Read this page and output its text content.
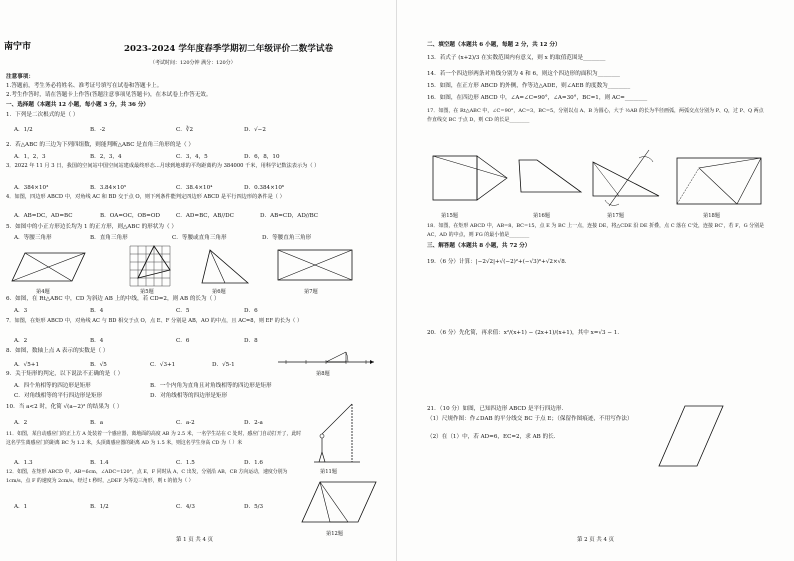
南宁市	2023-2024 学年度春季学期初二年级评价二数学试卷
（考试时间：120分钟 满分：120分）
注意事项：
1.答题前，考生务必将姓名、准考证号填写在试卷和答题卡上。
2.考生作答时，请在答题卡上作答(答题注意事项见答题卡)，在本试卷上作答无效。
一、选择题（本题共 12 小题，每小题 3 分，共 36 分）
1．下列是二次根式的是（ ）
A．1/2	B．-2	C．∛2	D．√−2
2．若△ABC 的三边为下列四组数，则能判断△ABC 是直角三角形的是（ ）
A．1，2，3	B．2，3，4	C．3，4，5	D．6，8，10
3．2022 年 11 月 3 日，我国的空间站中国空间站建成最终形态...月球到地球的平均距离约为 384000 千米，用科学记数法表示为（ ）
A．384×10³	B．3.84×10⁵	C．38.4×10⁴	D．0.384×10⁶
4．如图，四边形 ABCD 中，对角线 AC 和 BD 交于点 O，则下列条件能判定四边形 ABCD 是平行四边形的条件是（ ）
A．AB=DC，AD=BC	B．OA=OC，OB=OD	C．AD=BC，AB//DC	D．AB=CD，AD//BC
5．如图中的小正方形边长均为 1 的正方形，则△ABC 的形状为（ ）
A．等腰三角形	B．直角三角形	C．等腰或直角三角形	D．等腰直角三角形
第4题	第5题	第6题	第7题
6．如图，在 Rt△ABC 中，CD 为斜边 AB 上的中线，若 CD=2，则 AB 的长为（ ）
A．3	B．4	C．5	D．6
7．如图，在矩形 ABCD 中，对角线 AC 与 BD 相交于点 O，点 E、F 分别是 AB，AO 的中点，且 AC=8，则 EF 的长为（ ）
A．2	B．4	C．6	D．8
8．如图，数轴上点 A 表示的实数是（ ）
A．√5+1	B．√5	C．√3+1	D．√5-1
第8题
9．关于矩形的判定，以下说法不正确的是（ ）
A．四个角相等的四边形是矩形	B．一个内角为直角且对角线相等的四边形是矩形
C．对角线相等的平行四边形是矩形	D．对角线相等的四边形是矩形
10．当 a<2 时，化简 √(a−2)² 的结果为（ ）
A．2	B．a	C．a-2	D．2-a
11．如图，某自动感应门的正上方 A 处装着一个感应器，离地面的高度 AB 为 2.5 米，一名学生站在 C 处时，感应门自动打开了，此时这名学生离感应门的距离 BC 为 1.2 米，头顶离感应器的距离 AD 为 1.5 米，则这名学生身高 CD 为（ ）米
A．1.3	B．1.4	C．1.5	D．1.6
第11题
12．如图，在矩形 ABCD 中，AB=6cm，∠ADC=120°，点 E，F 同时从 A，C 出发，分别沿 AB，CB 方向运动，速度分别为 1cm/s，点 F 的速度为 2cm/s，经过 t 秒时，△DEF 为等边三角形，则 t 的值为（ ）
A．1	B．1/2	C．4/3	D．5/3
第12题
第 1 页 共 4 页
二、填空题（本题共 6 小题，每题 2 分，共 12 分）
13．若式子 (x+2)/3 在实数范围内有意义，则 x 的取值范围是________
14．若一个四边形两条对角线分别为 4 和 6，则这个四边形的面积为________
15．如图，在正方形 ABCD 的外侧，作等边△ADE，则∠AEB 的度数为________
16．如图，在四边形 ABCD 中，∠A=∠C=90°，∠A=30°，BC=1，则 AC=________
17．如图，在 Rt△ABC 中，∠C=90°，AC=3，BC=5，分别以点 A、B 为圆心，大于 ½AB 的长为半径画弧，两弧交点分别为 P、Q，过 P、Q 两点作直线交 BC 于点 D，则 CD 的长是________
第15题	第16题	第17题	第18题
18．如图，在矩形 ABCD 中，AB=8，BC=15，点 E 为 BC 上一点，连接 DE，将△CDE 沿 DE 折叠，点 C 落在 C'处，连接 BC'，若 F，G 分别是 AC，AD 的中点，则 FG 的最小值是________
三、解答题（本题共 8 小题，共 72 分）
19．（6 分）计算：|−2√2|+√(−2)²+(−√3)⁰+√2×√8．
20．（6 分）先化简，再求值：x²/(x+1) − (2x+1)/(x+1)，其中 x=√3 − 1．
21．（10 分）如图，已知四边形 ABCD 是平行四边形．
（1）尺规作图：作∠DAB 的平分线交 BC 于点 E；（保留作图痕迹，不用写作法）
（2）在（1）中，若 AD=6，EC=2，求 AB 的长．
第 2 页 共 4 页
